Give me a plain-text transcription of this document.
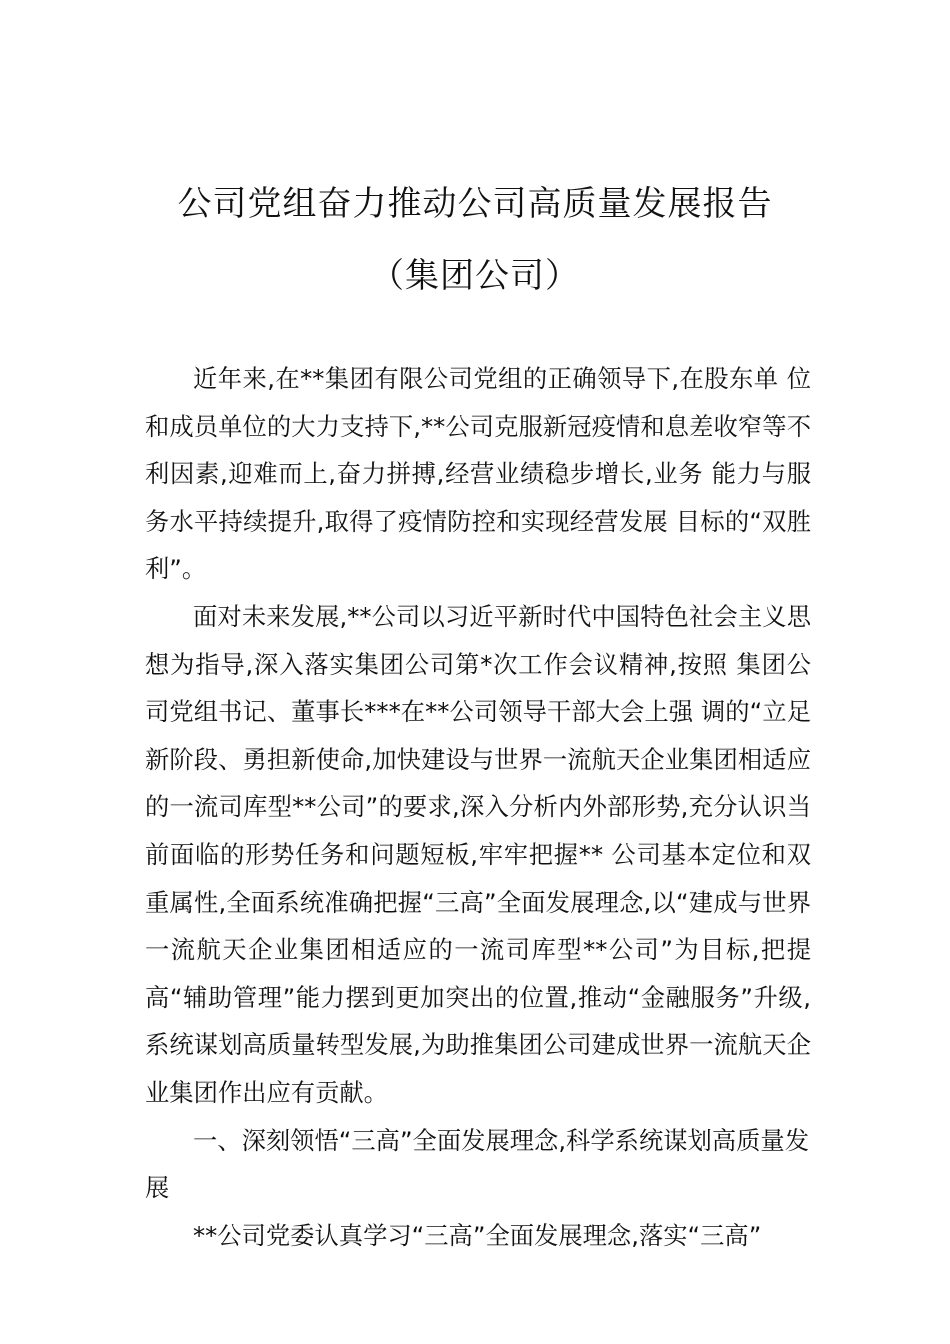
公司党组奋力推动公司高质量发展报告
（集团公司）

近年来,在**集团有限公司党组的正确领导下,在股东单 位和成员单位的大力支持下,**公司克服新冠疫情和息差收窄等不利因素,迎难而上,奋力拼搏,经营业绩稳步增长,业务 能力与服务水平持续提升,取得了疫情防控和实现经营发展 目标的“双胜利”。

面对未来发展,**公司以习近平新时代中国特色社会主义思想为指导,深入落实集团公司第*次工作会议精神,按照 集团公司党组书记、董事长***在**公司领导干部大会上强 调的“立足新阶段、勇担新使命,加快建设与世界一流航天企业集团相适应的一流司库型**公司”的要求,深入分析内外部形势,充分认识当前面临的形势任务和问题短板,牢牢把握** 公司基本定位和双重属性,全面系统准确把握“三高”全面发展理念,以“建成与世界一流航天企业集团相适应的一流司库型**公司”为目标,把提高“辅助管理”能力摆到更加突出的位置,推动“金融服务”升级,系统谋划高质量转型发展,为助推集团公司建成世界一流航天企业集团作出应有贡献。

一、深刻领悟“三高”全面发展理念,科学系统谋划高质量发展

**公司党委认真学习“三高”全面发展理念,落实“三高”
